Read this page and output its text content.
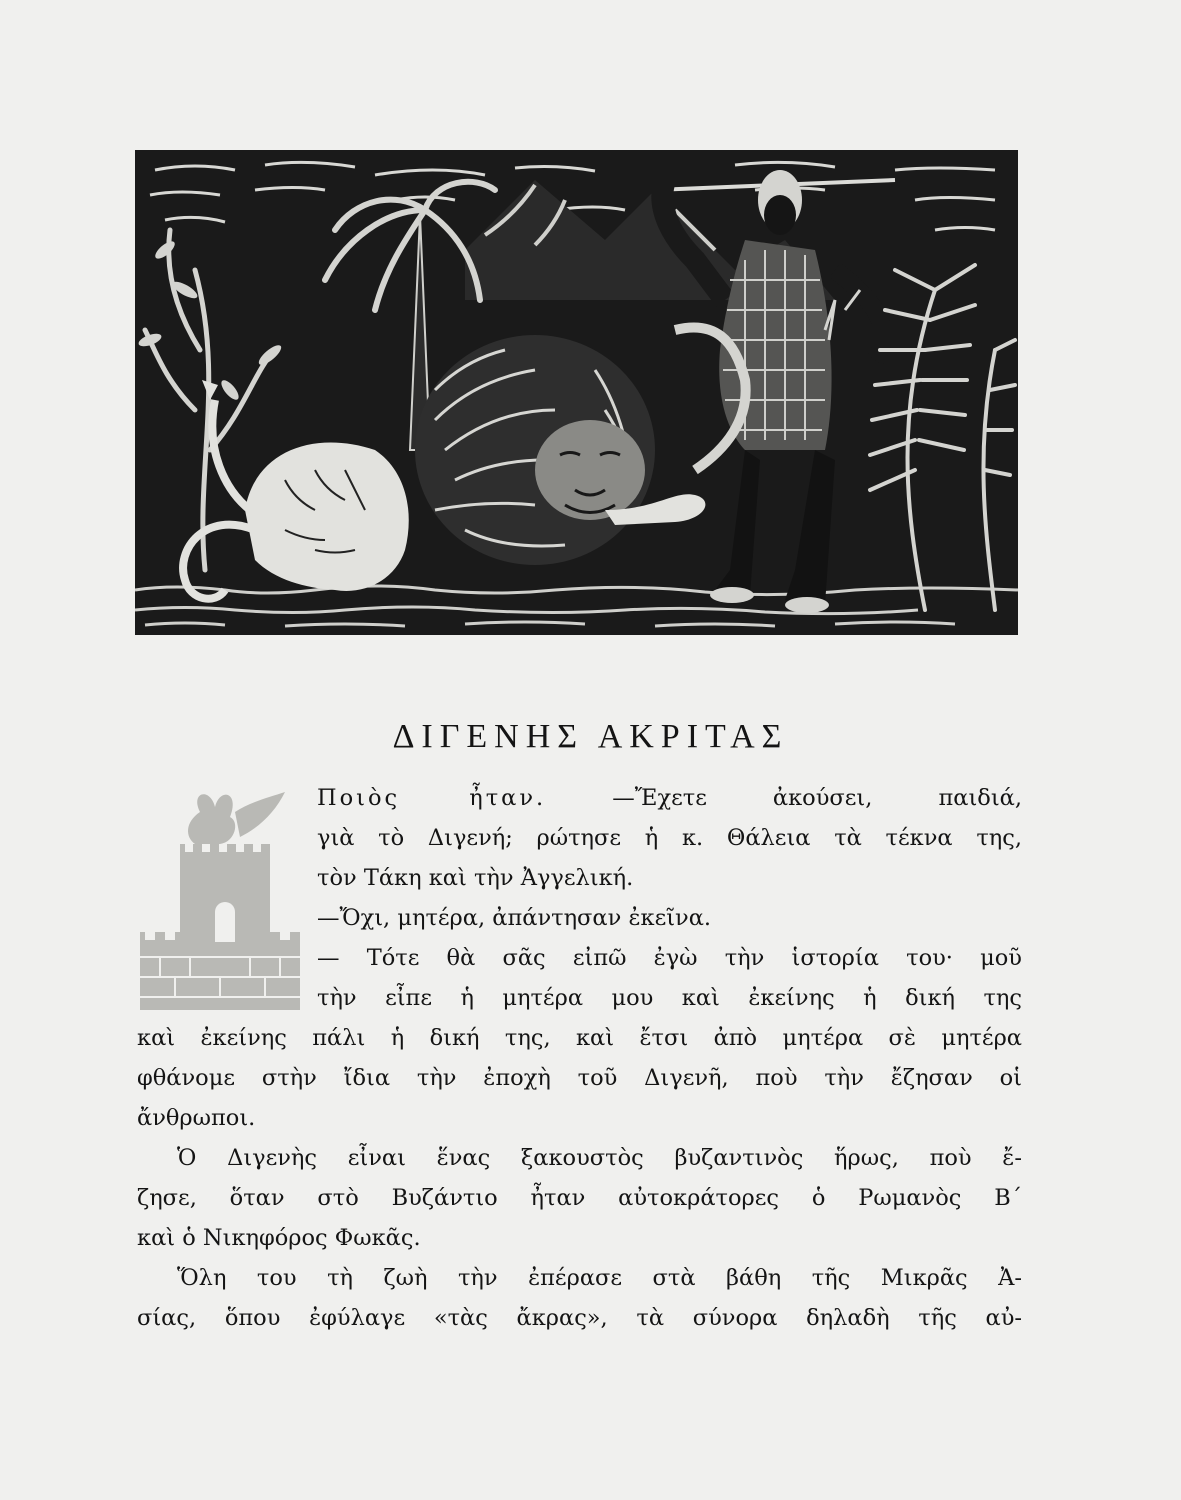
ΔΙΓΕΝΗΣ ΑΚΡΙΤΑΣ
Ποιὸς ἦταν.	—Ἔχετε ἀκούσει, παιδιά,
γιὰ τὸ Διγενή; ρώτησε ἡ κ. Θάλεια τὰ τέκνα της,
τὸν Τάκη καὶ τὴν Ἀγγελική.
—Ὄχι, μητέρα, ἀπάντησαν ἐκεῖνα.
— Τότε θὰ σᾶς εἰπῶ ἐγὼ τὴν ἱστορία του· μοῦ
τὴν εἶπε ἡ μητέρα μου καὶ ἐκείνης ἡ δική της
καὶ ἐκείνης πάλι ἡ δική της, καὶ ἔτσι ἀπὸ μητέρα σὲ μητέρα
φθάνομε στὴν ἴδια τὴν ἐποχὴ τοῦ Διγενῆ, ποὺ τὴν ἔζησαν οἱ
ἄνθρωποι.
Ὁ Διγενὴς εἶναι ἕνας ξακουστὸς βυζαντινὸς ἥρως, ποὺ ἔ-
ζησε, ὅταν στὸ Βυζάντιο ἦταν αὐτοκράτορες ὁ Ρωμανὸς Β´
καὶ ὁ Νικηφόρος Φωκᾶς.
Ὅλη του τὴ ζωὴ τὴν ἐπέρασε στὰ βάθη τῆς Μικρᾶς Ἀ-
σίας, ὅπου ἐφύλαγε «τὰς ἄκρας», τὰ σύνορα δηλαδὴ τῆς αὐ-
